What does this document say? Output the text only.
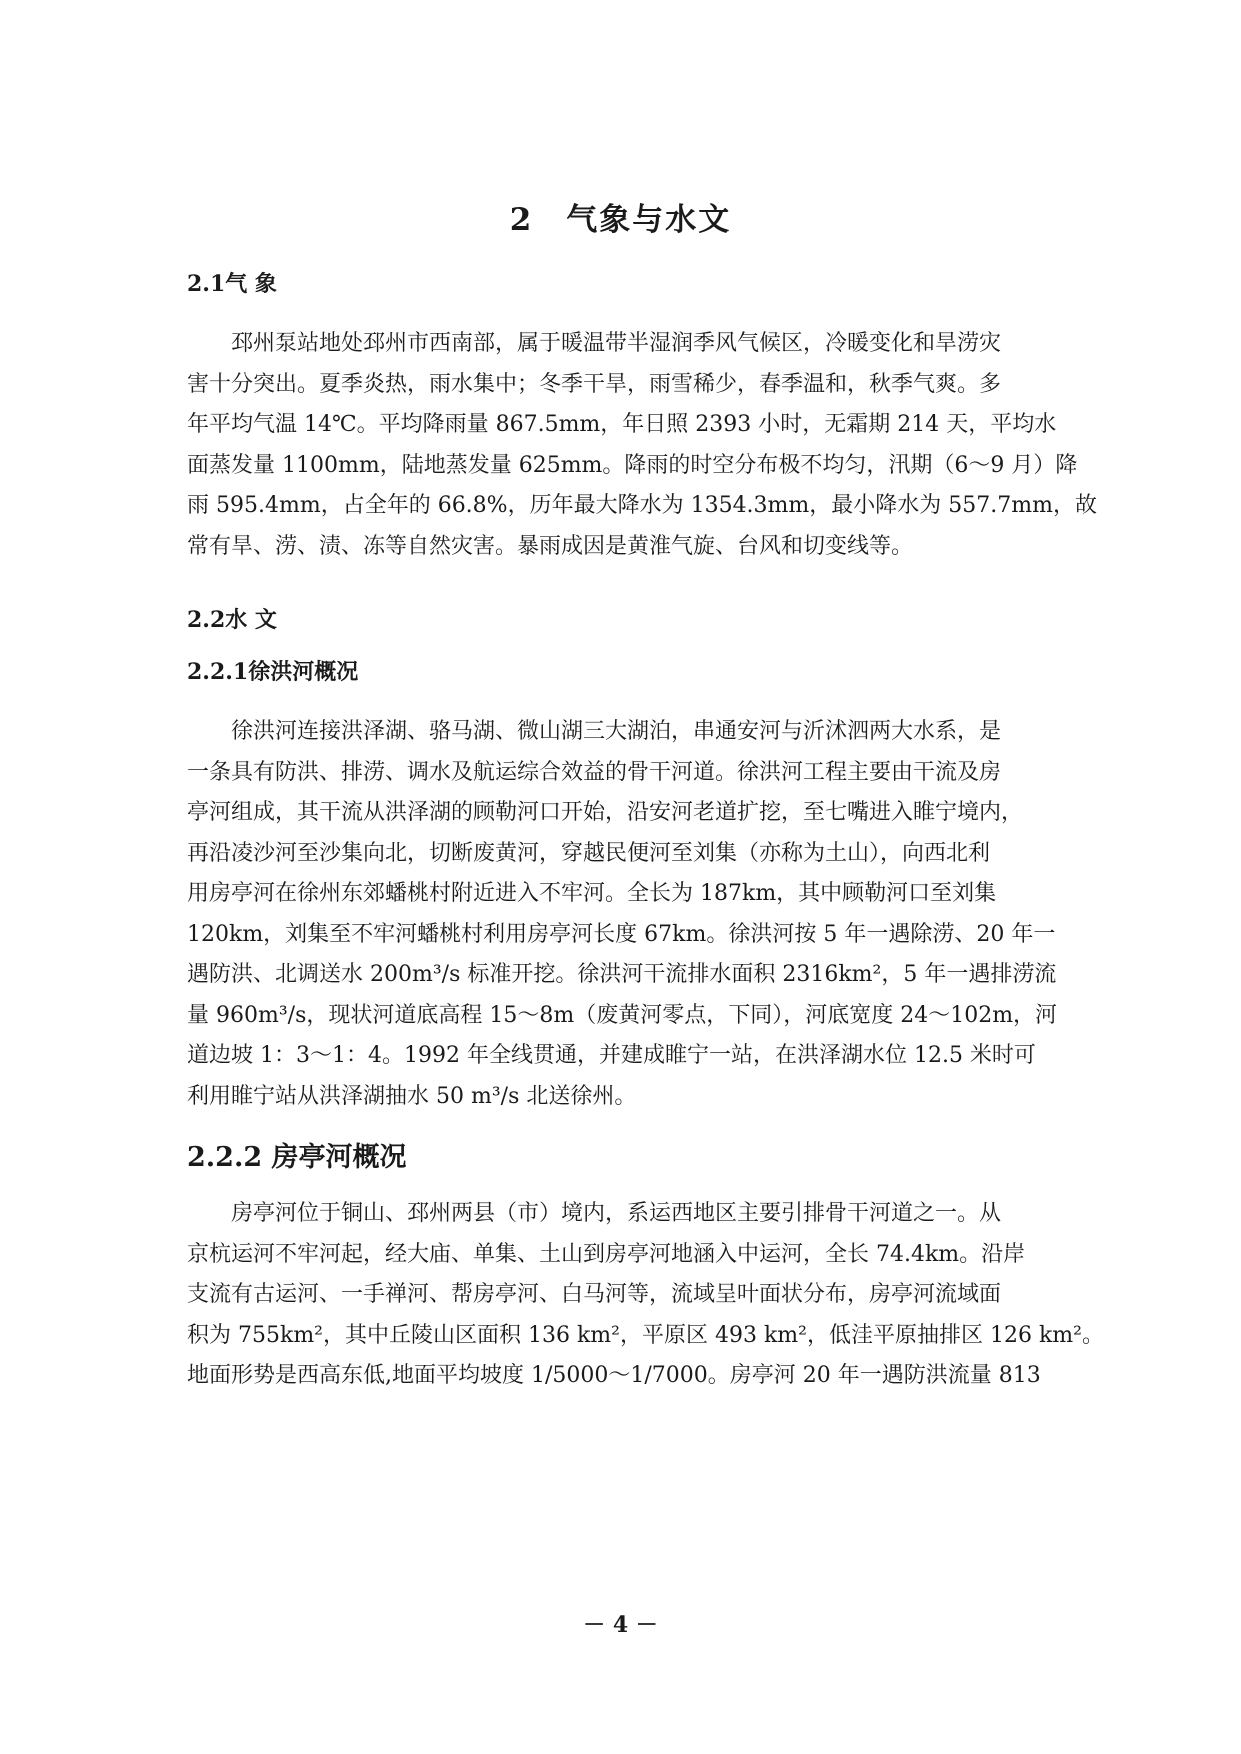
2　气象与水文
2.1气 象
　　邳州泵站地处邳州市西南部，属于暖温带半湿润季风气候区，冷暖变化和旱涝灾
害十分突出。夏季炎热，雨水集中；冬季干旱，雨雪稀少，春季温和，秋季气爽。多
年平均气温 14℃。平均降雨量 867.5mm，年日照 2393 小时，无霜期 214 天，平均水
面蒸发量 1100mm，陆地蒸发量 625mm。降雨的时空分布极不均匀，汛期（6～9 月）降
雨 595.4mm，占全年的 66.8%，历年最大降水为 1354.3mm，最小降水为 557.7mm，故
常有旱、涝、渍、冻等自然灾害。暴雨成因是黄淮气旋、台风和切变线等。
2.2水 文
2.2.1徐洪河概况
　　徐洪河连接洪泽湖、骆马湖、微山湖三大湖泊，串通安河与沂沭泗两大水系，是
一条具有防洪、排涝、调水及航运综合效益的骨干河道。徐洪河工程主要由干流及房
亭河组成，其干流从洪泽湖的顾勒河口开始，沿安河老道扩挖，至七嘴进入睢宁境内，
再沿凌沙河至沙集向北，切断废黄河，穿越民便河至刘集（亦称为土山），向西北利
用房亭河在徐州东郊蟠桃村附近进入不牢河。全长为 187km，其中顾勒河口至刘集
120km，刘集至不牢河蟠桃村利用房亭河长度 67km。徐洪河按 5 年一遇除涝、20 年一
遇防洪、北调送水 200m³/s 标准开挖。徐洪河干流排水面积 2316km²，5 年一遇排涝流
量 960m³/s，现状河道底高程 15～8m（废黄河零点，下同），河底宽度 24～102m，河
道边坡 1：3～1：4。1992 年全线贯通，并建成睢宁一站，在洪泽湖水位 12.5 米时可
利用睢宁站从洪泽湖抽水 50 m³/s 北送徐州。
2.2.2 房亭河概况
　　房亭河位于铜山、邳州两县（市）境内，系运西地区主要引排骨干河道之一。从
京杭运河不牢河起，经大庙、单集、土山到房亭河地涵入中运河，全长 74.4km。沿岸
支流有古运河、一手禅河、帮房亭河、白马河等，流域呈叶面状分布，房亭河流域面
积为 755km²，其中丘陵山区面积 136 km²，平原区 493 km²，低洼平原抽排区 126 km²。
地面形势是西高东低,地面平均坡度 1/5000～1/7000。房亭河 20 年一遇防洪流量 813
－ 4 －
